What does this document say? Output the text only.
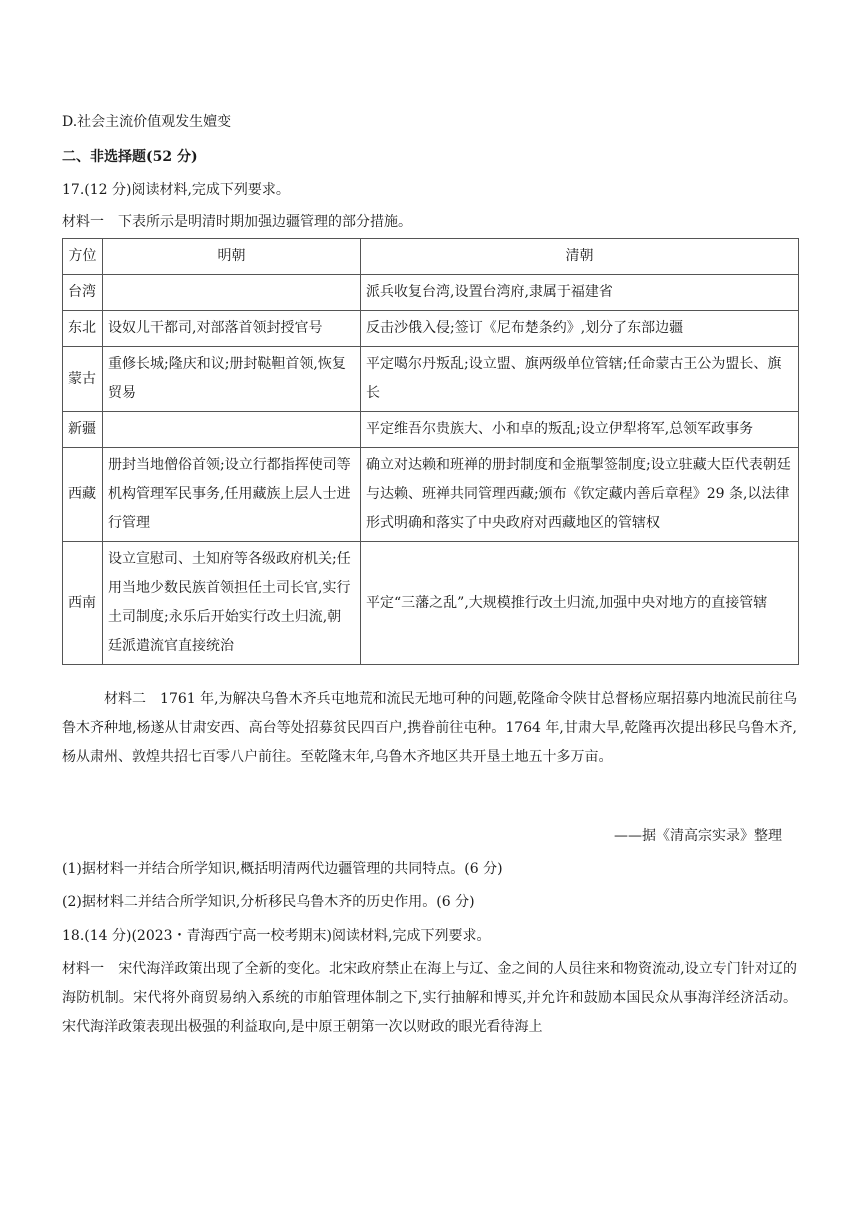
D.社会主流价值观发生嬗变
二、非选择题(52 分)
17.(12 分)阅读材料,完成下列要求。
材料一　下表所示是明清时期加强边疆管理的部分措施。
方位	明朝	清朝
台湾		派兵收复台湾,设置台湾府,隶属于福建省
东北	设奴儿干都司,对部落首领封授官号	反击沙俄入侵;签订《尼布楚条约》,划分了东部边疆
蒙古	重修长城;隆庆和议;册封鞑靼首领,恢复贸易	平定噶尔丹叛乱;设立盟、旗两级单位管辖;任命蒙古王公为盟长、旗长
新疆		平定维吾尔贵族大、小和卓的叛乱;设立伊犁将军,总领军政事务
西藏	册封当地僧俗首领;设立行都指挥使司等机构管理军民事务,任用藏族上层人士进行管理	确立对达赖和班禅的册封制度和金瓶掣签制度;设立驻藏大臣代表朝廷与达赖、班禅共同管理西藏;颁布《钦定藏内善后章程》29 条,以法律形式明确和落实了中央政府对西藏地区的管辖权
西南	设立宣慰司、土知府等各级政府机关;任用当地少数民族首领担任土司长官,实行土司制度;永乐后开始实行改土归流,朝廷派遣流官直接统治	平定“三藩之乱”,大规模推行改土归流,加强中央对地方的直接管辖
材料二　 1761 年,为解决乌鲁木齐兵屯地荒和流民无地可种的问题,乾隆命令陕甘总督杨应琚招募内地流民前往乌鲁木齐种地,杨遂从甘肃安西、高台等处招募贫民四百户,携眷前往屯种。1764 年,甘肃大旱,乾隆再次提出移民乌鲁木齐,杨从肃州、敦煌共招七百零八户前往。至乾隆末年,乌鲁木齐地区共开垦土地五十多万亩。
——据《清高宗实录》整理
(1)据材料一并结合所学知识,概括明清两代边疆管理的共同特点。(6 分)
(2)据材料二并结合所学知识,分析移民乌鲁木齐的历史作用。(6 分)
18.(14 分)(2023・青海西宁高一校考期末)阅读材料,完成下列要求。
材料一　 宋代海洋政策出现了全新的变化。北宋政府禁止在海上与辽、金之间的人员往来和物资流动,设立专门针对辽的海防机制。宋代将外商贸易纳入系统的市舶管理体制之下,实行抽解和博买,并允许和鼓励本国民众从事海洋经济活动。宋代海洋政策表现出极强的利益取向,是中原王朝第一次以财政的眼光看待海上
